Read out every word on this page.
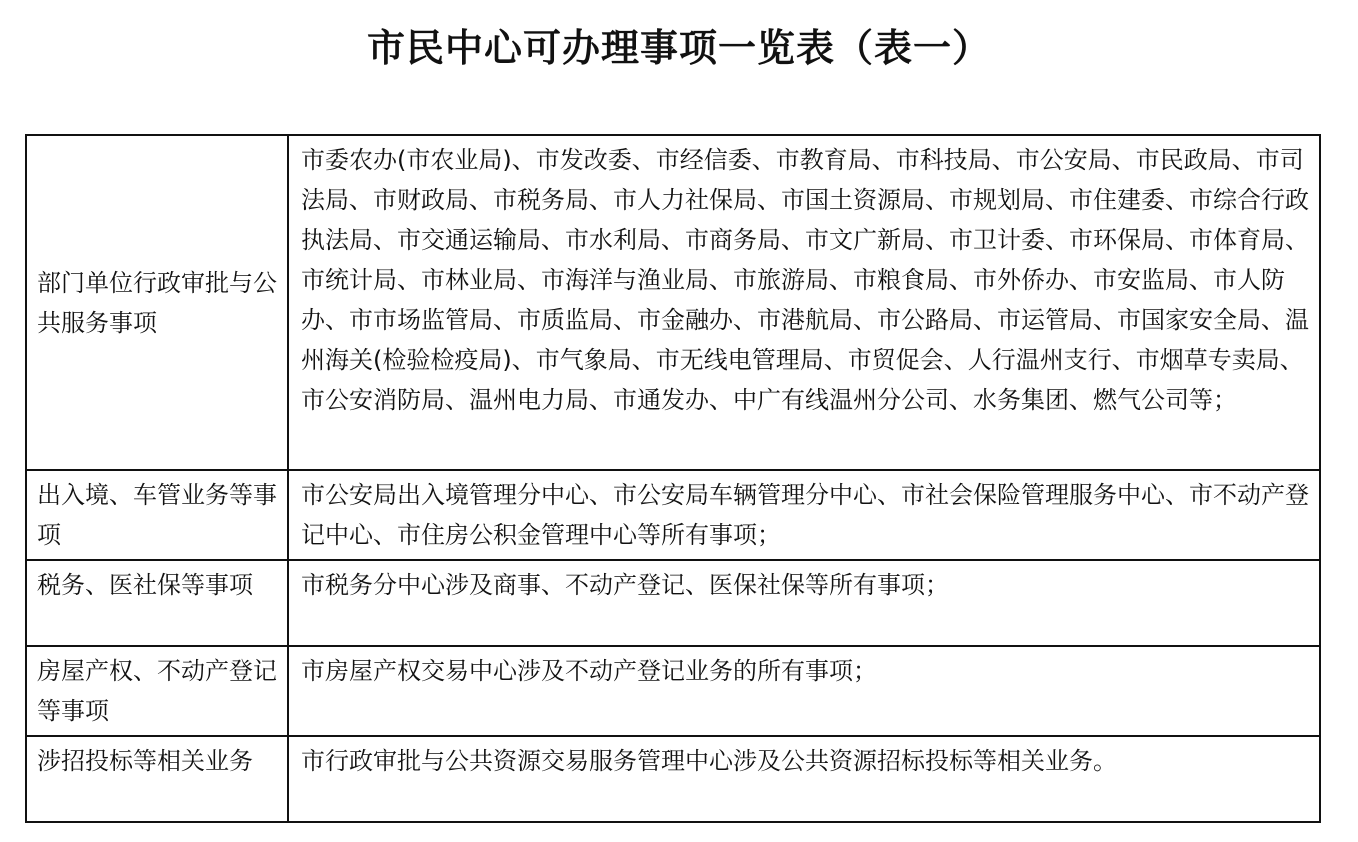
市民中心可办理事项一览表（表一）
部门单位行政审批与公共服务事项	市委农办(市农业局)、市发改委、市经信委、市教育局、市科技局、市公安局、市民政局、市司法局、市财政局、市税务局、市人力社保局、市国土资源局、市规划局、市住建委、市综合行政执法局、市交通运输局、市水利局、市商务局、市文广新局、市卫计委、市环保局、市体育局、市统计局、市林业局、市海洋与渔业局、市旅游局、市粮食局、市外侨办、市安监局、市人防办、市市场监管局、市质监局、市金融办、市港航局、市公路局、市运管局、市国家安全局、温州海关(检验检疫局)、市气象局、市无线电管理局、市贸促会、人行温州支行、市烟草专卖局、市公安消防局、温州电力局、市通发办、中广有线温州分公司、水务集团、燃气公司等；
出入境、车管业务等事项	市公安局出入境管理分中心、市公安局车辆管理分中心、市社会保险管理服务中心、市不动产登记中心、市住房公积金管理中心等所有事项；
税务、医社保等事项	市税务分中心涉及商事、不动产登记、医保社保等所有事项；
房屋产权、不动产登记等事项	市房屋产权交易中心涉及不动产登记业务的所有事项；
涉招投标等相关业务	市行政审批与公共资源交易服务管理中心涉及公共资源招标投标等相关业务。
